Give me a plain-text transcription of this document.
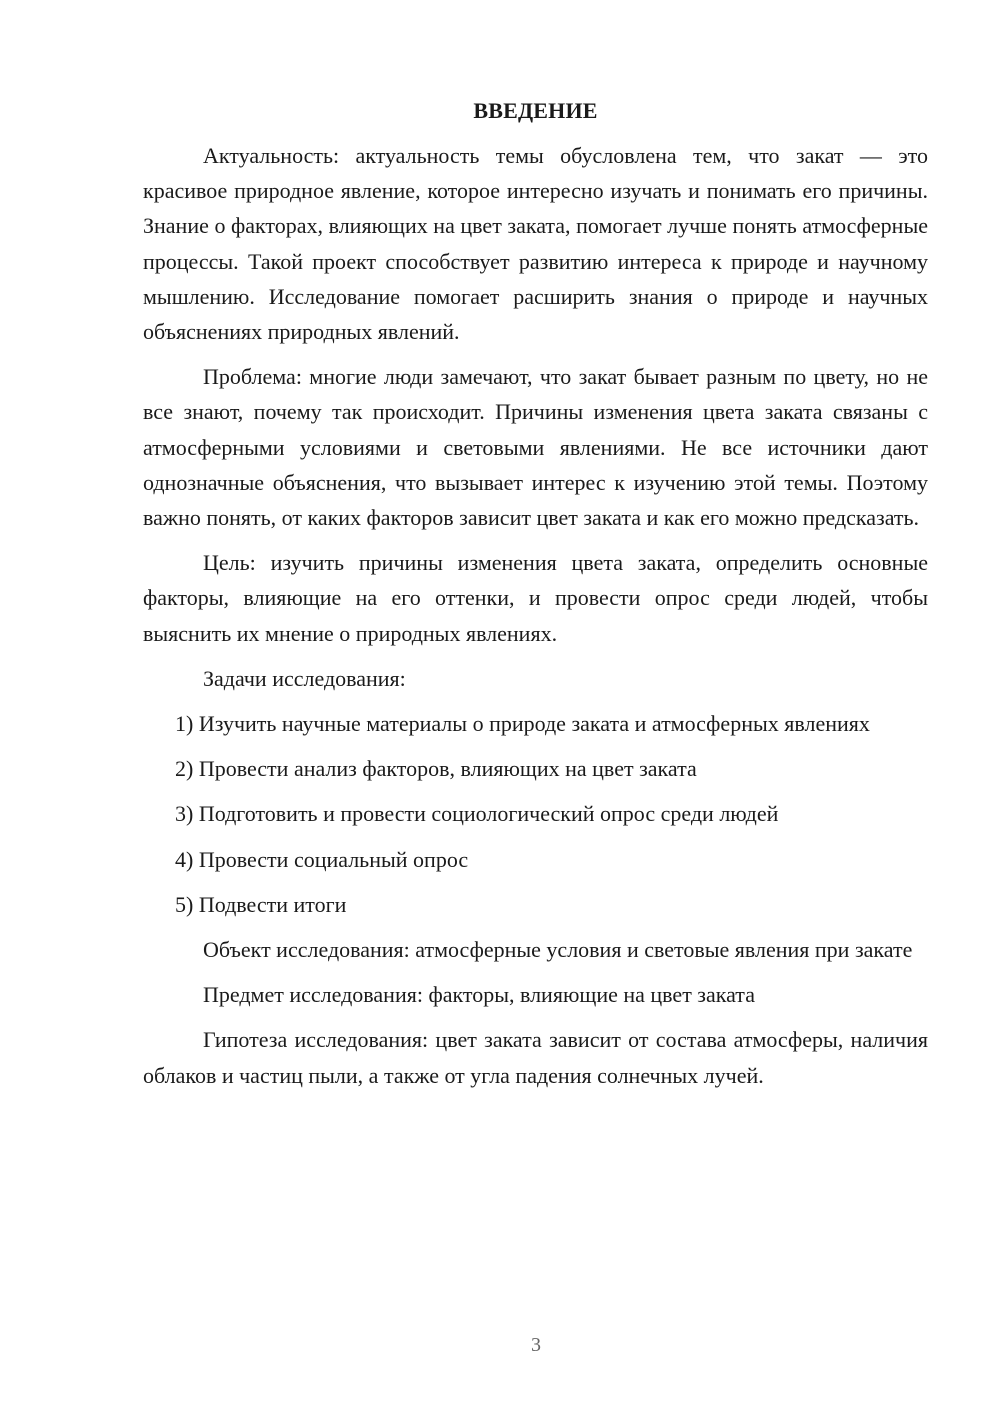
ВВЕДЕНИЕ

Актуальность: актуальность темы обусловлена тем, что закат — это красивое природное явление, которое интересно изучать и понимать его причины. Знание о факторах, влияющих на цвет заката, помогает лучше понять атмосферные процессы. Такой проект способствует развитию интереса к природе и научному мышлению. Исследование помогает расширить знания о природе и научных объяснениях природных явлений.

Проблема: многие люди замечают, что закат бывает разным по цвету, но не все знают, почему так происходит. Причины изменения цвета заката связаны с атмосферными условиями и световыми явлениями. Не все источники дают однозначные объяснения, что вызывает интерес к изучению этой темы. Поэтому важно понять, от каких факторов зависит цвет заката и как его можно предсказать.

Цель: изучить причины изменения цвета заката, определить основные факторы, влияющие на его оттенки, и провести опрос среди людей, чтобы выяснить их мнение о природных явлениях.

Задачи исследования:

1) Изучить научные материалы о природе заката и атмосферных явлениях
2) Провести анализ факторов, влияющих на цвет заката
3) Подготовить и провести социологический опрос среди людей
4) Провести социальный опрос
5) Подвести итоги

Объект исследования: атмосферные условия и световые явления при закате

Предмет исследования: факторы, влияющие на цвет заката

Гипотеза исследования: цвет заката зависит от состава атмосферы, наличия облаков и частиц пыли, а также от угла падения солнечных лучей.

3
